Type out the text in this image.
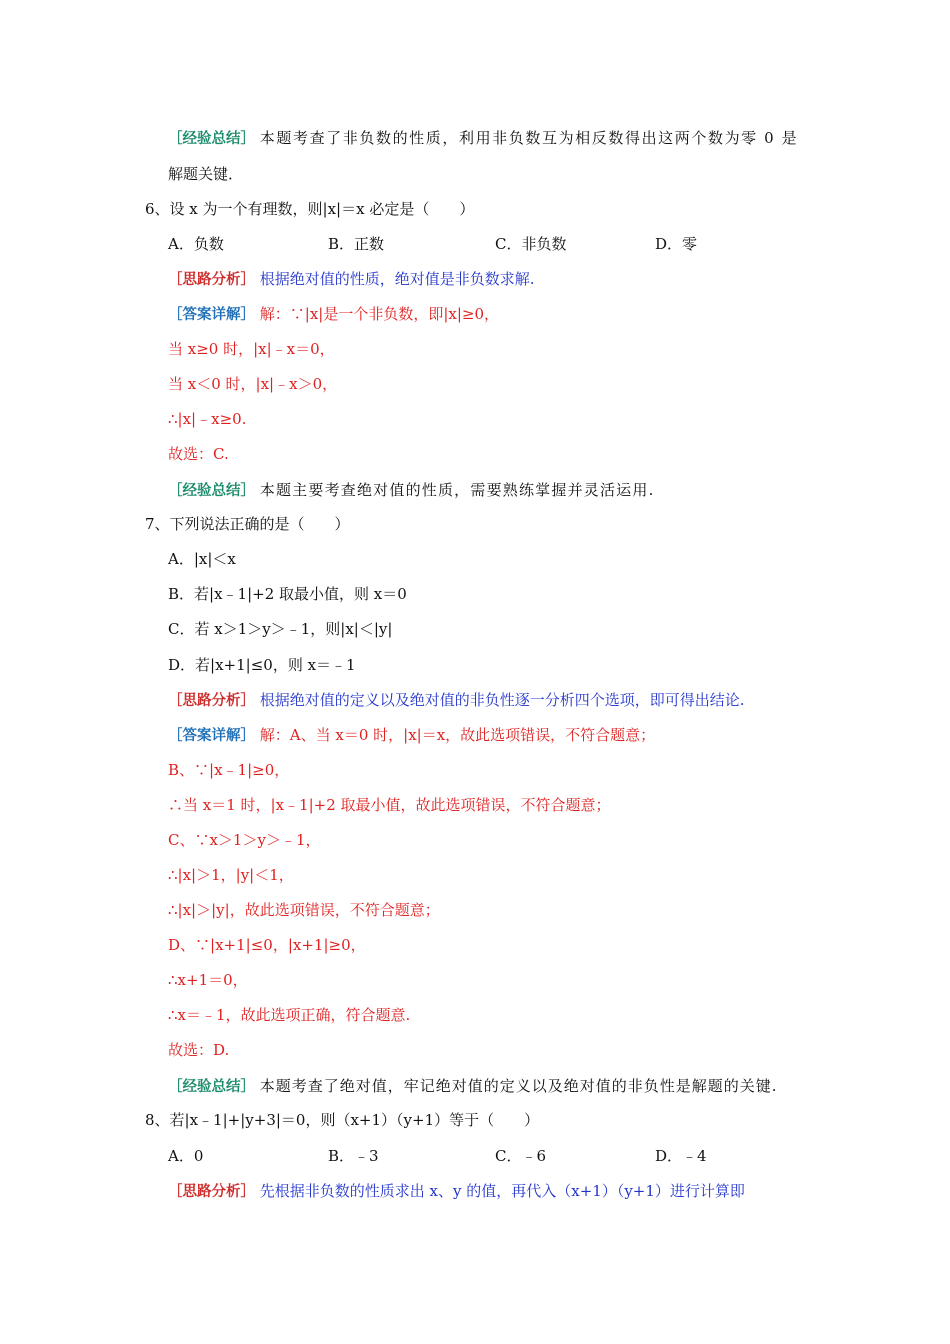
［经验总结］ 本题考查了非负数的性质，利用非负数互为相反数得出这两个数为零 0 是
解题关键．
6、设 x 为一个有理数，则|x|＝x 必定是（　　）
A．负数	B．正数	C．非负数	D．零
［思路分析］ 根据绝对值的性质，绝对值是非负数求解.
［答案详解］ 解：∵|x|是一个非负数，即|x|≥0，
当 x≥0 时，|x|﹣x＝0，
当 x＜0 时，|x|﹣x＞0，
∴|x|﹣x≥0.
故选：C.
［经验总结］ 本题主要考查绝对值的性质，需要熟练掌握并灵活运用.
7、下列说法正确的是（　　）
A．|x|＜x
B．若|x﹣1|+2 取最小值，则 x＝0
C．若 x＞1＞y＞﹣1，则|x|＜|y|
D．若|x+1|≤0，则 x＝﹣1
［思路分析］ 根据绝对值的定义以及绝对值的非负性逐一分析四个选项，即可得出结论.
［答案详解］ 解：A、当 x＝0 时，|x|＝x，故此选项错误，不符合题意；
B、∵|x﹣1|≥0，
∴当 x＝1 时，|x﹣1|+2 取最小值，故此选项错误，不符合题意；
C、∵x＞1＞y＞﹣1，
∴|x|＞1，|y|＜1，
∴|x|＞|y|，故此选项错误，不符合题意；
D、∵|x+1|≤0，|x+1|≥0，
∴x+1＝0，
∴x＝﹣1，故此选项正确，符合题意.
故选：D.
［经验总结］ 本题考查了绝对值，牢记绝对值的定义以及绝对值的非负性是解题的关键.
8、若|x﹣1|+|y+3|＝0，则（x+1）（y+1）等于（　　）
A．0	B．﹣3	C．﹣6	D．﹣4
［思路分析］ 先根据非负数的性质求出 x、y 的值，再代入（x+1）（y+1）进行计算即
